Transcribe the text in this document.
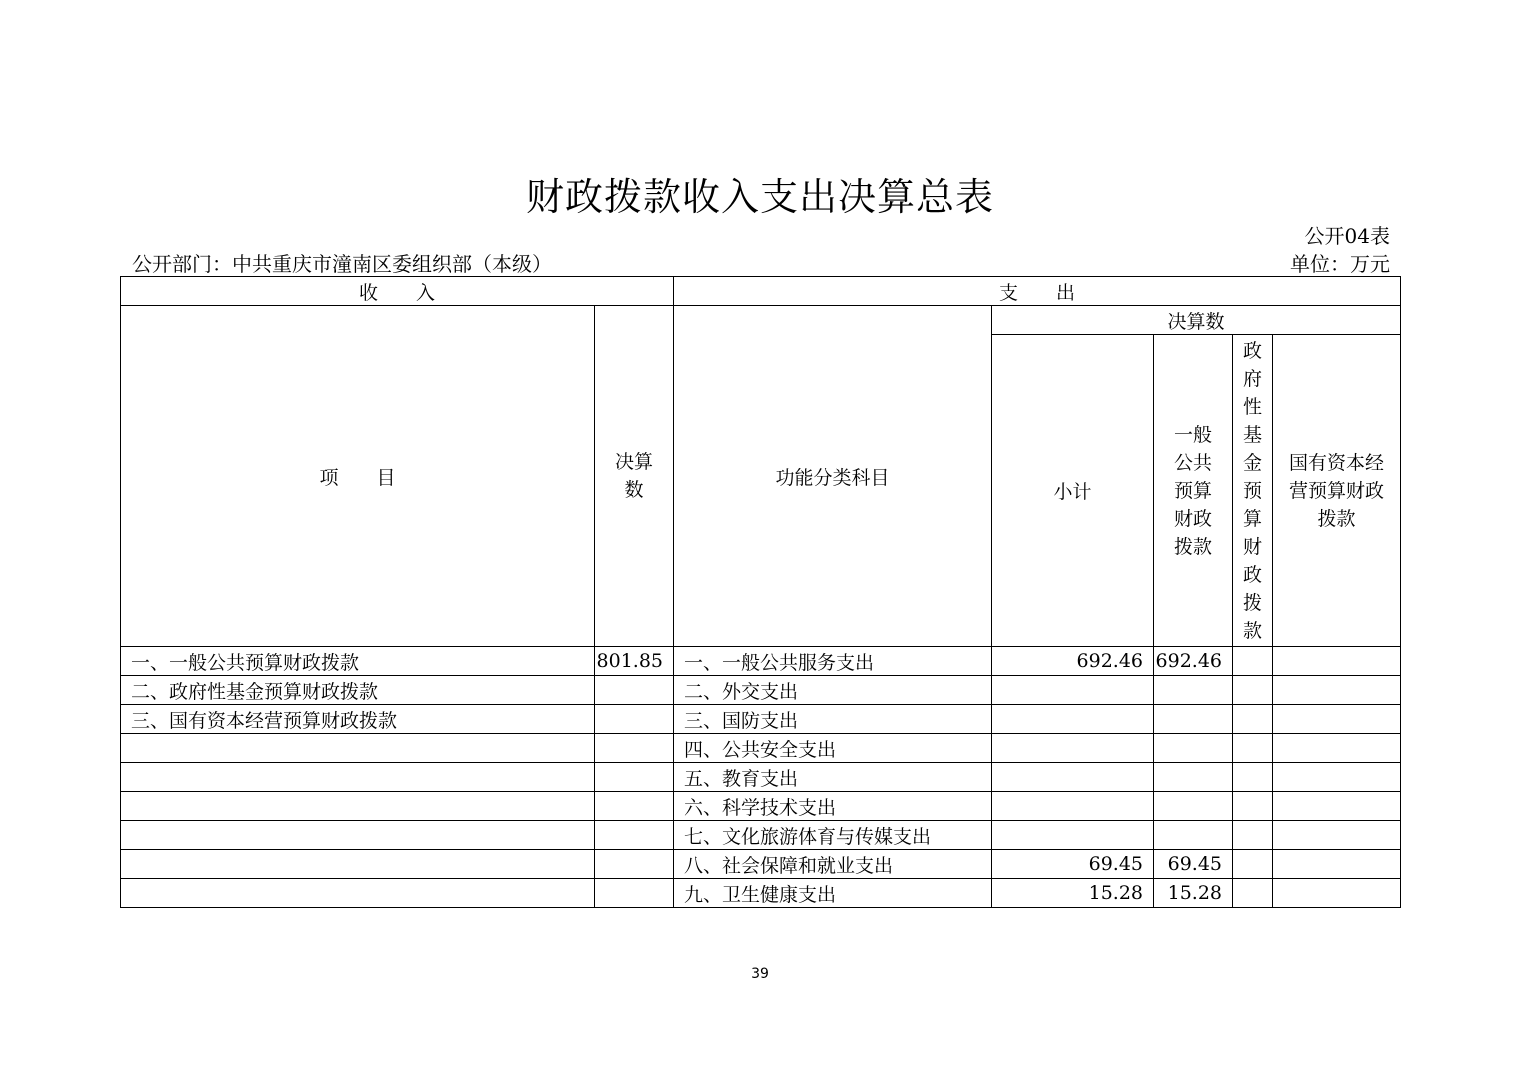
财政拨款收入支出决算总表
公开04表
公开部门：中共重庆市潼南区委组织部（本级）	单位：万元
收　　入		支　　出				
项　　目	决算
数	功能分类科目	决算数			
			小计	一般公共预算财政拨款	政府性基金预算财政拨款	国有资本经营预算财政拨款

一、一般公共预算财政拨款	801.85	一、一般公共服务支出	692.46	692.46		
二、政府性基金预算财政拨款		二、外交支出				
三、国有资本经营预算财政拨款		三、国防支出				
		四、公共安全支出				
		五、教育支出				
		六、科学技术支出				
		七、文化旅游体育与传媒支出				
		八、社会保障和就业支出	69.45	69.45		
		九、卫生健康支出	15.28	15.28		
39
